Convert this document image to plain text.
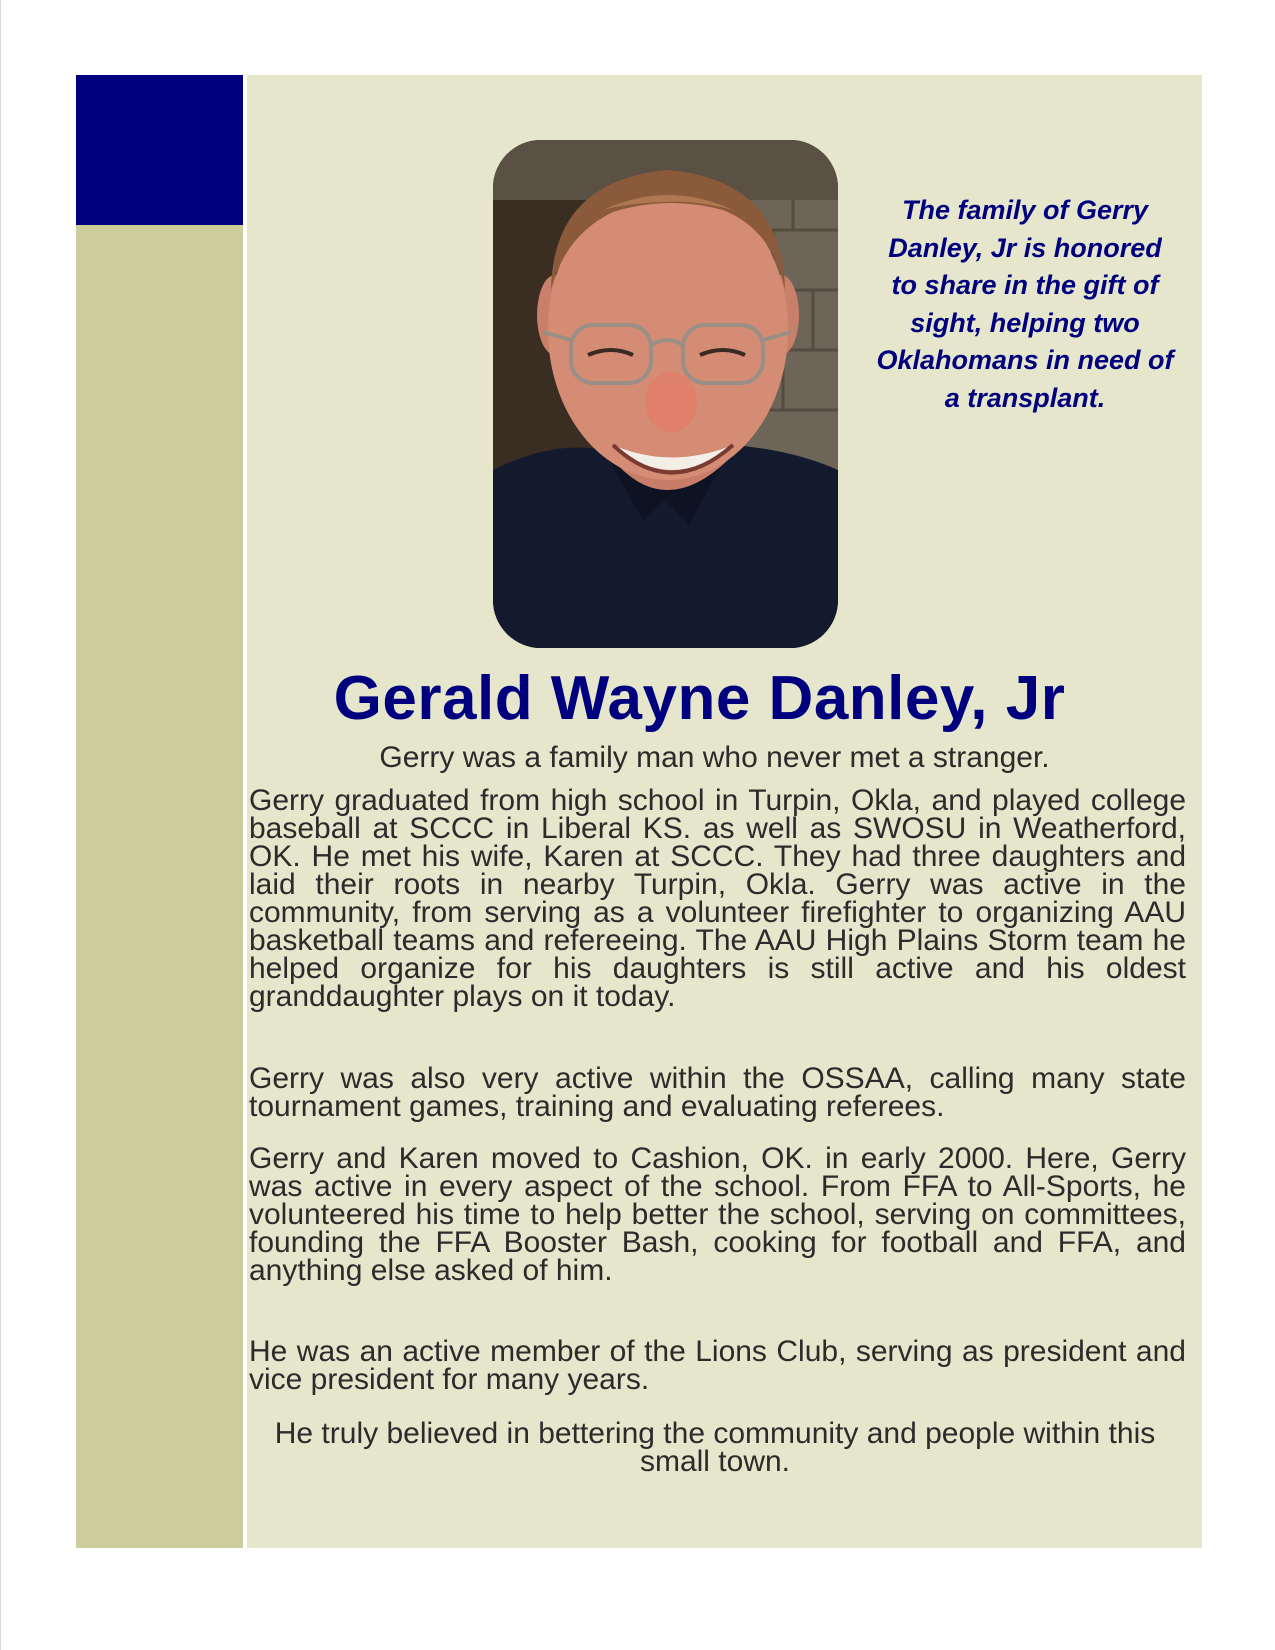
The family of Gerry
Danley, Jr is honored
to share in the gift of
sight, helping two
Oklahomans in need of
a transplant.
Gerald Wayne Danley, Jr
Gerry was a family man who never met a stranger.
Gerry graduated from high school in Turpin, Okla, and played college baseball at SCCC in Liberal KS. as well as SWOSU in Weatherford, OK. He met his wife, Karen at SCCC. They had three daughters and laid their roots in nearby Turpin, Okla. Gerry was active in the community, from serving as a volunteer firefighter to organizing AAU basketball teams and refereeing. The AAU High Plains Storm team he helped organize for his daughters is still active and his oldest granddaughter plays on it today.
Gerry was also very active within the OSSAA, calling many state tournament games, training and evaluating referees.
Gerry and Karen moved to Cashion, OK. in early 2000. Here, Gerry was active in every aspect of the school. From FFA to All-Sports, he volunteered his time to help better the school, serving on committees, founding the FFA Booster Bash, cooking for football and FFA, and anything else asked of him.
He was an active member of the Lions Club, serving as president and vice president for many years.
He truly believed in bettering the community and people within this small town.
